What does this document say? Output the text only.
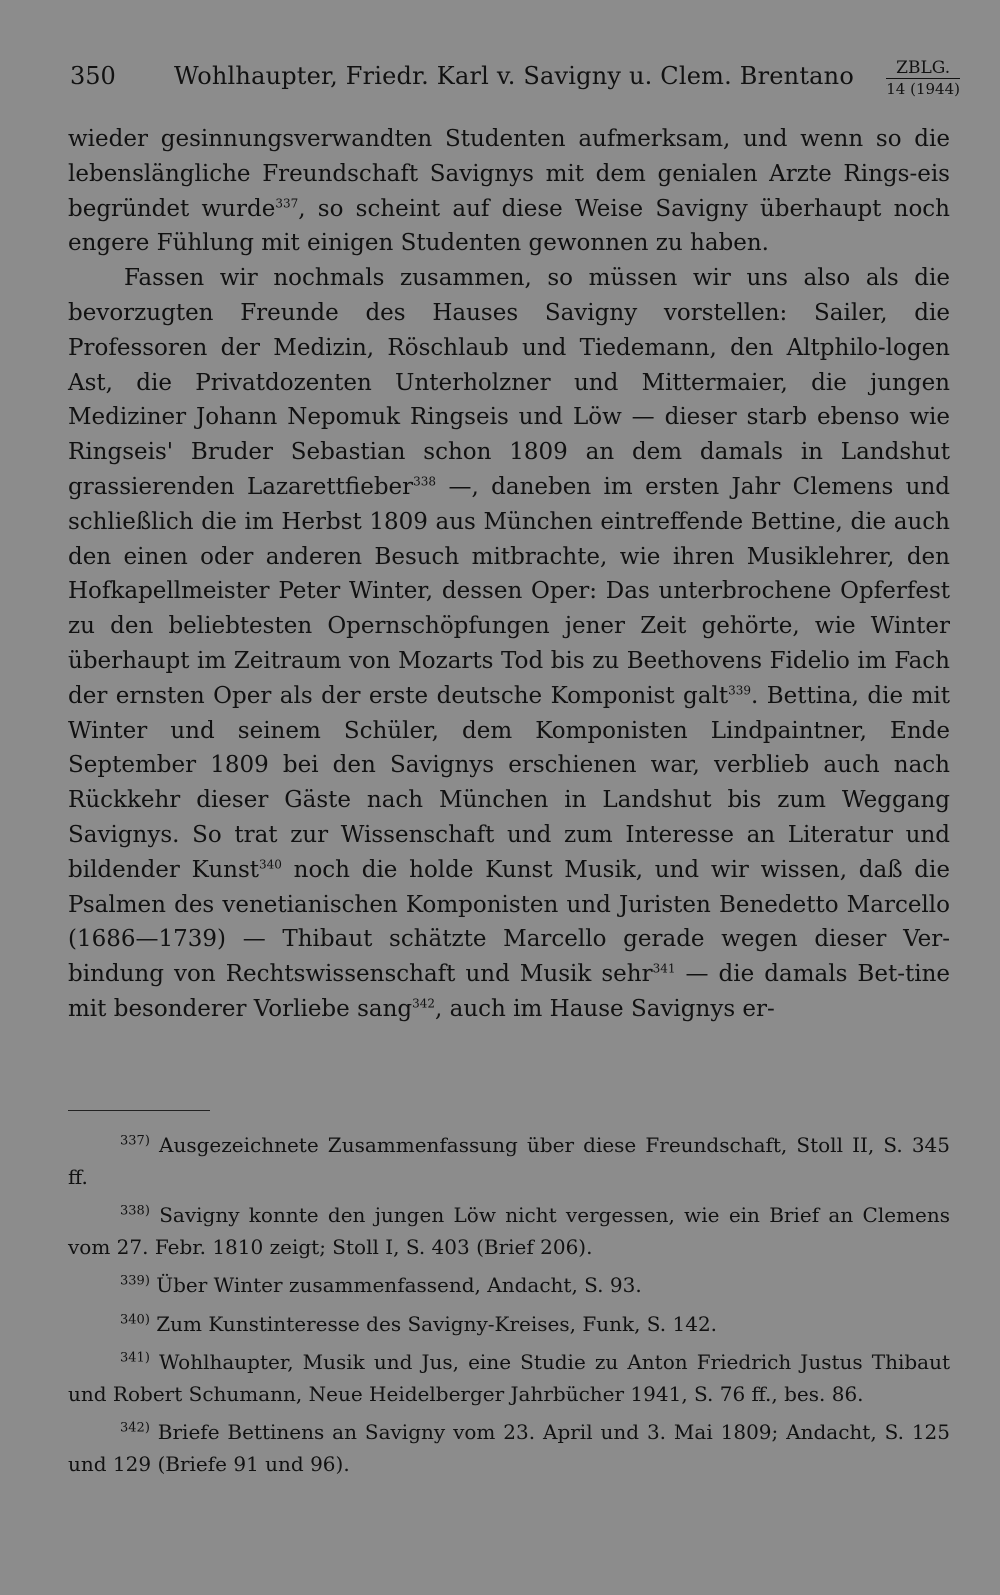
350 Wohlhaupter, Friedr. Karl v. Savigny u. Clem. Brentano	ZBLG.
14 (1944)

wieder gesinnungsverwandten Studenten aufmerksam, und wenn so die lebenslängliche Freundschaft Savignys mit dem genialen Arzte Rings-eis begründet wurde$^{337}$, so scheint auf diese Weise Savigny überhaupt noch engere Fühlung mit einigen Studenten gewonnen zu haben.

Fassen wir nochmals zusammen, so müssen wir uns also als die bevorzugten Freunde des Hauses Savigny vorstellen: Sailer, die Professoren der Medizin, Röschlaub und Tiedemann, den Altphilo-logen Ast, die Privatdozenten Unterholzner und Mittermaier, die jungen Mediziner Johann Nepomuk Ringseis und Löw — dieser starb ebenso wie Ringseis' Bruder Sebastian schon 1809 an dem damals in Landshut grassierenden Lazarettfieber$^{338}$ —, daneben im ersten Jahr Clemens und schließlich die im Herbst 1809 aus München eintreffende Bettine, die auch den einen oder anderen Besuch mitbrachte, wie ihren Musiklehrer, den Hofkapellmeister Peter Winter, dessen Oper: Das unterbrochene Opferfest zu den beliebtesten Opernschöpfungen jener Zeit gehörte, wie Winter überhaupt im Zeitraum von Mozarts Tod bis zu Beethovens Fidelio im Fach der ernsten Oper als der erste deutsche Komponist galt$^{339}$. Bettina, die mit Winter und seinem Schüler, dem Komponisten Lindpaintner, Ende September 1809 bei den Savignys erschienen war, verblieb auch nach Rückkehr dieser Gäste nach München in Landshut bis zum Weggang Savignys. So trat zur Wissenschaft und zum Interesse an Literatur und bildender Kunst$^{340}$ noch die holde Kunst Musik, und wir wissen, daß die Psalmen des venetianischen Komponisten und Juristen Benedetto Marcello (1686—1739) — Thibaut schätzte Marcello gerade wegen dieser Ver-bindung von Rechtswissenschaft und Musik sehr$^{341}$ — die damals Bet-tine mit besonderer Vorliebe sang$^{342}$, auch im Hause Savignys er-

$^{337)}$ Ausgezeichnete Zusammenfassung über diese Freundschaft, Stoll II, S. 345 ff.

$^{338)}$ Savigny konnte den jungen Löw nicht vergessen, wie ein Brief an Clemens vom 27. Febr. 1810 zeigt; Stoll I, S. 403 (Brief 206).

$^{339)}$ Über Winter zusammenfassend, Andacht, S. 93.

$^{340)}$ Zum Kunstinteresse des Savigny-Kreises, Funk, S. 142.

$^{341)}$ Wohlhaupter, Musik und Jus, eine Studie zu Anton Friedrich Justus Thibaut und Robert Schumann, Neue Heidelberger Jahrbücher 1941, S. 76 ff., bes. 86.

$^{342)}$ Briefe Bettinens an Savigny vom 23. April und 3. Mai 1809; Andacht, S. 125 und 129 (Briefe 91 und 96).
